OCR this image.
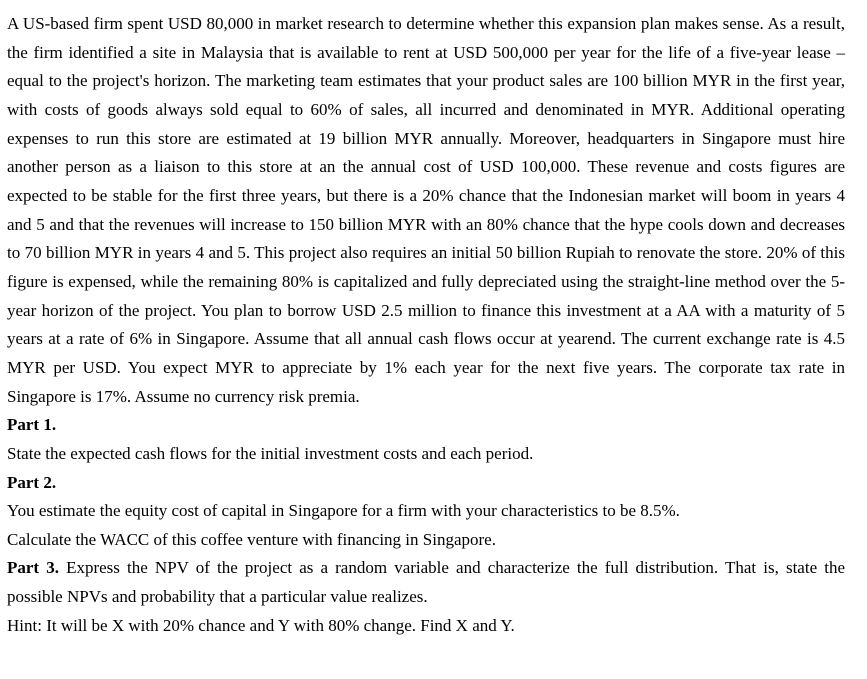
A US-based firm spent USD 80,000 in market research to determine whether this expansion plan makes sense. As a result, the firm identified a site in Malaysia that is available to rent at USD 500,000 per year for the life of a five-year lease – equal to the project's horizon. The marketing team estimates that your product sales are 100 billion MYR in the first year, with costs of goods always sold equal to 60% of sales, all incurred and denominated in MYR. Additional operating expenses to run this store are estimated at 19 billion MYR annually. Moreover, headquarters in Singapore must hire another person as a liaison to this store at an the annual cost of USD 100,000. These revenue and costs figures are expected to be stable for the first three years, but there is a 20% chance that the Indonesian market will boom in years 4 and 5 and that the revenues will increase to 150 billion MYR with an 80% chance that the hype cools down and decreases to 70 billion MYR in years 4 and 5. This project also requires an initial 50 billion Rupiah to renovate the store. 20% of this figure is expensed, while the remaining 80% is capitalized and fully depreciated using the straight-line method over the 5-year horizon of the project. You plan to borrow USD 2.5 million to finance this investment at a AA with a maturity of 5 years at a rate of 6% in Singapore. Assume that all annual cash flows occur at yearend. The current exchange rate is 4.5 MYR per USD. You expect MYR to appreciate by 1% each year for the next five years. The corporate tax rate in Singapore is 17%. Assume no currency risk premia.

Part 1.

State the expected cash flows for the initial investment costs and each period.

Part 2.

You estimate the equity cost of capital in Singapore for a firm with your characteristics to be 8.5%.

Calculate the WACC of this coffee venture with financing in Singapore.

Part 3. Express the NPV of the project as a random variable and characterize the full distribution. That is, state the possible NPVs and probability that a particular value realizes.

Hint: It will be X with 20% chance and Y with 80% change. Find X and Y.
